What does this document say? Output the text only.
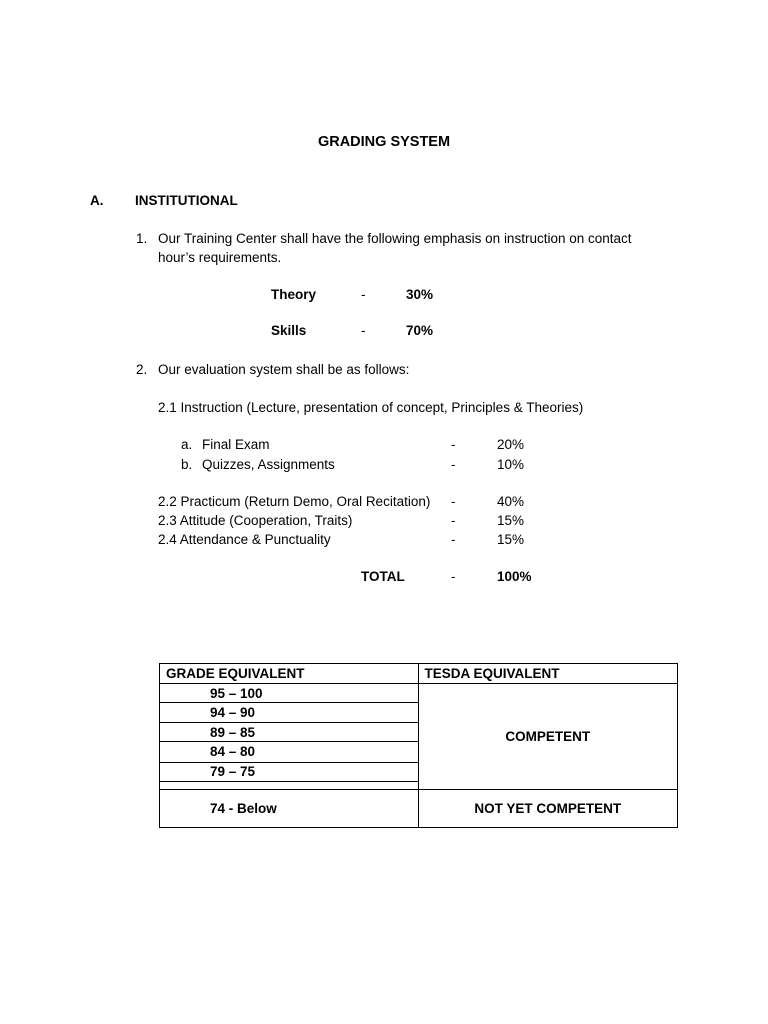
GRADING SYSTEM
A. INSTITUTIONAL
1. Our Training Center shall have the following emphasis on instruction on contact
hour’s requirements.
Theory	-	30%
Skills	-	70%
2. Our evaluation system shall be as follows:
2.1 Instruction (Lecture, presentation of concept, Principles & Theories)
a. Final Exam	-	20%
b. Quizzes, Assignments	-	10%
2.2 Practicum (Return Demo, Oral Recitation) -	40%
2.3 Attitude (Cooperation, Traits)	-	15%
2.4 Attendance & Punctuality	-	15%
TOTAL	-	100%
GRADE EQUIVALENT	TESDA EQUIVALENT
95 – 100	COMPETENT
94 – 90	
89 – 85	
84 – 80	
79 – 75	

74 - Below	NOT YET COMPETENT
